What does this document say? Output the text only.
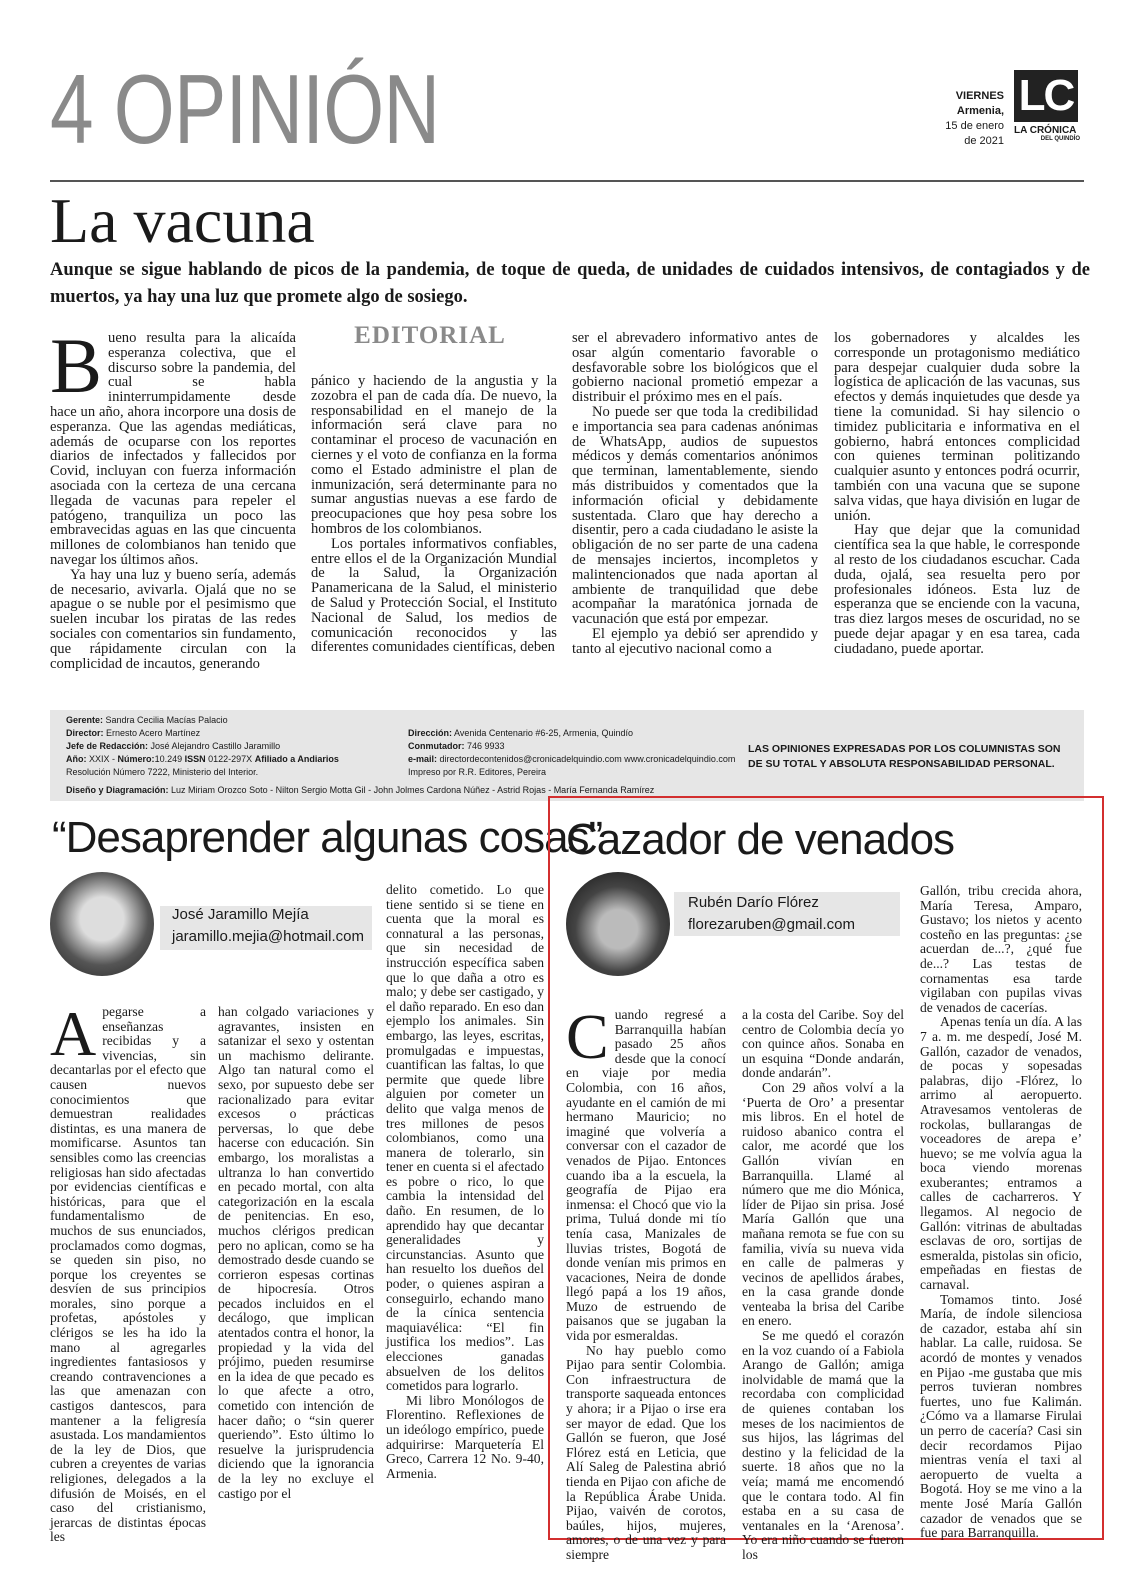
4 OPINIÓN	VIERNES
Armenia,
15 de enero
de 2021
LC
LA CRÓNICA
DEL QUINDÍO
La vacuna
Aunque se sigue hablando de picos de la pandemia, de toque de queda, de unidades de cuidados intensivos, de contagiados y de muertos, ya hay una luz que promete algo de sosiego.

Bueno resulta para la alicaída esperanza colectiva, que el discurso sobre la pandemia, del cual se habla ininterrumpidamente desde hace un año, ahora incorpore una dosis de esperanza. Que las agendas mediáticas, además de ocuparse con los reportes diarios de infectados y fallecidos por Covid, incluyan con fuerza información asociada con la certeza de una cercana llegada de vacunas para repeler el patógeno, tranquiliza un poco las embravecidas aguas en las que cincuenta millones de colombianos han tenido que navegar los últimos años.

Ya hay una luz y bueno sería, además de necesario, avivarla. Ojalá que no se apague o se nuble por el pesimismo que suelen incubar los piratas de las redes sociales con comentarios sin fundamento, que rápidamente circulan con la complicidad de incautos, generando

EDITORIAL

pánico y haciendo de la angustia y la zozobra el pan de cada día. De nuevo, la responsabilidad en el manejo de la información será clave para no contaminar el proceso de vacunación en ciernes y el voto de confianza en la forma como el Estado administre el plan de inmunización, será determinante para no sumar angustias nuevas a ese fardo de preocupaciones que hoy pesa sobre los hombros de los colombianos.

Los portales informativos confiables, entre ellos el de la Organización Mundial de la Salud, la Organización Panamericana de la Salud, el ministerio de Salud y Protección Social, el Instituto Nacional de Salud, los medios de comunicación reconocidos y las diferentes comunidades científicas, deben

ser el abrevadero informativo antes de osar algún comentario favorable o desfavorable sobre los biológicos que el gobierno nacional prometió empezar a distribuir el próximo mes en el país.

No puede ser que toda la credibilidad e importancia sea para cadenas anónimas de WhatsApp, audios de supuestos médicos y demás comentarios anónimos que terminan, lamentablemente, siendo más distribuidos y comentados que la información oficial y debidamente sustentada. Claro que hay derecho a disentir, pero a cada ciudadano le asiste la obligación de no ser parte de una cadena de mensajes inciertos, incompletos y malintencionados que nada aportan al ambiente de tranquilidad que debe acompañar la maratónica jornada de vacunación que está por empezar.

El ejemplo ya debió ser aprendido y tanto al ejecutivo nacional como a

los gobernadores y alcaldes les corresponde un protagonismo mediático para despejar cualquier duda sobre la logística de aplicación de las vacunas, sus efectos y demás inquietudes que desde ya tiene la comunidad. Si hay silencio o timidez publicitaria e informativa en el gobierno, habrá entonces complicidad con quienes terminan politizando cualquier asunto y entonces podrá ocurrir, también con una vacuna que se supone salva vidas, que haya división en lugar de unión.

Hay que dejar que la comunidad científica sea la que hable, le corresponde al resto de los ciudadanos escuchar. Cada duda, ojalá, sea resuelta pero por profesionales idóneos. Esta luz de esperanza que se enciende con la vacuna, tras diez largos meses de oscuridad, no se puede dejar apagar y en esa tarea, cada ciudadano, puede aportar.

Gerente: Sandra Cecilia Macías Palacio
Director: Ernesto Acero Martínez
Jefe de Redacción: José Alejandro Castillo Jaramillo
Año: XXIX - Número:10.249 ISSN 0122-297X Afiliado a Andiarios
Resolución Número 7222, Ministerio del Interior.
Diseño y Diagramación: Luz Miriam Orozco Soto - Nilton Sergio Motta Gil - John Jolmes Cardona Núñez - Astrid Rojas - María Fernanda Ramírez
Dirección: Avenida Centenario #6-25, Armenia, Quindío
Conmutador: 746 9933
e-mail: directordecontenidos@cronicadelquindio.com www.cronicadelquindio.com
Impreso por R.R. Editores, Pereira
LAS OPINIONES EXPRESADAS POR LOS COLUMNISTAS SON DE SU TOTAL Y ABSOLUTA RESPONSABILIDAD PERSONAL.
“Desaprender algunas cosas”
José Jaramillo Mejía
jaramillo.mejia@hotmail.com

Apegarse a enseñanzas recibidas y a vivencias, sin decantarlas por el efecto que causen nuevos conocimientos que demuestran realidades distintas, es una manera de momificarse. Asuntos tan sensibles como las creencias religiosas han sido afectadas por evidencias científicas e históricas, para que el fundamentalismo de muchos de sus enunciados, proclamados como dogmas, se queden sin piso, no porque los creyentes se desvíen de sus principios morales, sino porque a profetas, apóstoles y clérigos se les ha ido la mano al agregarles ingredientes fantasiosos y creando contravenciones a las que amenazan con castigos dantescos, para mantener a la feligresía asustada. Los mandamientos de la ley de Dios, que cubren a creyentes de varias religiones, delegados a la difusión de Moisés, en el caso del cristianismo, jerarcas de distintas épocas les

han colgado variaciones y agravantes, insisten en satanizar el sexo y ostentan un machismo delirante. Algo tan natural como el sexo, por supuesto debe ser racionalizado para evitar excesos o prácticas perversas, lo que debe hacerse con educación. Sin embargo, los moralistas a ultranza lo han convertido en pecado mortal, con alta categorización en la escala de penitencias. En eso, muchos clérigos predican pero no aplican, como se ha demostrado desde cuando se corrieron espesas cortinas de hipocresía. Otros pecados incluidos en el decálogo, que implican atentados contra el honor, la propiedad y la vida del prójimo, pueden resumirse en la idea de que pecado es lo que afecte a otro, cometido con intención de hacer daño; o “sin querer queriendo”. Esto último lo resuelve la jurisprudencia diciendo que la ignorancia de la ley no excluye el castigo por el

delito cometido. Lo que tiene sentido si se tiene en cuenta que la moral es connatural a las personas, que sin necesidad de instrucción específica saben que lo que daña a otro es malo; y debe ser castigado, y el daño reparado. En eso dan ejemplo los animales. Sin embargo, las leyes, escritas, promulgadas e impuestas, cuantifican las faltas, lo que permite que quede libre alguien por cometer un delito que valga menos de tres millones de pesos colombianos, como una manera de tolerarlo, sin tener en cuenta si el afectado es pobre o rico, lo que cambia la intensidad del daño. En resumen, de lo aprendido hay que decantar generalidades y circunstancias. Asunto que han resuelto los dueños del poder, o quienes aspiran a conseguirlo, echando mano de la cínica sentencia maquiavélica: “El fin justifica los medios”. Las elecciones ganadas absuelven de los delitos cometidos para lograrlo.

Mi libro Monólogos de Florentino. Reflexiones de un ideólogo empírico, puede adquirirse: Marquetería El Greco, Carrera 12 No. 9-40, Armenia.

Cazador de venados
Rubén Darío Flórez
florezaruben@gmail.com

Cuando regresé a Barranquilla habían pasado 25 años desde que la conocí en viaje por media Colombia, con 16 años, ayudante en el camión de mi hermano Mauricio; no imaginé que volvería a conversar con el cazador de venados de Pijao. Entonces cuando iba a la escuela, la geografía de Pijao era inmensa: el Chocó que vio la prima, Tuluá donde mi tío tenía casa, Manizales de lluvias tristes, Bogotá de donde venían mis primos en vacaciones, Neira de donde llegó papá a los 19 años, Muzo de estruendo de paisanos que se jugaban la vida por esmeraldas.

No hay pueblo como Pijao para sentir Colombia. Con infraestructura de transporte saqueada entonces y ahora; ir a Pijao o irse era ser mayor de edad. Que los Gallón se fueron, que José Flórez está en Leticia, que Alí Saleg de Palestina abrió tienda en Pijao con afiche de la República Árabe Unida. Pijao, vaivén de corotos, baúles, hijos, mujeres, amores, o de una vez y para siempre

a la costa del Caribe. Soy del centro de Colombia decía yo con quince años. Sonaba en un esquina “Donde andarán, donde andarán”.

Con 29 años volví a la ‘Puerta de Oro’ a presentar mis libros. En el hotel de ruidoso abanico contra el calor, me acordé que los Gallón vivían en Barranquilla. Llamé al número que me dio Mónica, líder de Pijao sin prisa. José María Gallón que una mañana remota se fue con su familia, vivía su nueva vida en calle de palmeras y vecinos de apellidos árabes, en la casa grande donde venteaba la brisa del Caribe en enero.

Se me quedó el corazón en la voz cuando oí a Fabiola Arango de Gallón; amiga inolvidable de mamá que la recordaba con complicidad de quienes contaban los meses de los nacimientos de sus hijos, las lágrimas del destino y la felicidad de la suerte. 18 años que no la veía; mamá me encomendó que le contara todo. Al fin estaba en a su casa de ventanales en la ‘Arenosa’. Yo era niño cuando se fueron los

Gallón, tribu crecida ahora, María Teresa, Amparo, Gustavo; los nietos y acento costeño en las preguntas: ¿se acuerdan de...?, ¿qué fue de...? Las testas de cornamentas esa tarde vigilaban con pupilas vivas de venados de cacerías.

Apenas tenía un día. A las 7 a. m. me despedí, José M. Gallón, cazador de venados, de pocas y sopesadas palabras, dijo -Flórez, lo arrimo al aeropuerto. Atravesamos ventoleras de rockolas, bullarangas de voceadores de arepa e’ huevo; se me volvía agua la boca viendo morenas exuberantes; entramos a calles de cacharreros. Y llegamos. Al negocio de Gallón: vitrinas de abultadas esclavas de oro, sortijas de esmeralda, pistolas sin oficio, empeñadas en fiestas de carnaval.

Tomamos tinto. José María, de índole silenciosa de cazador, estaba ahí sin hablar. La calle, ruidosa. Se acordó de montes y venados en Pijao -me gustaba que mis perros tuvieran nombres fuertes, uno fue Kalimán. ¿Cómo va a llamarse Firulai un perro de cacería? Casi sin decir recordamos Pijao mientras venía el taxi al aeropuerto de vuelta a Bogotá. Hoy se me vino a la mente José María Gallón cazador de venados que se fue para Barranquilla.
